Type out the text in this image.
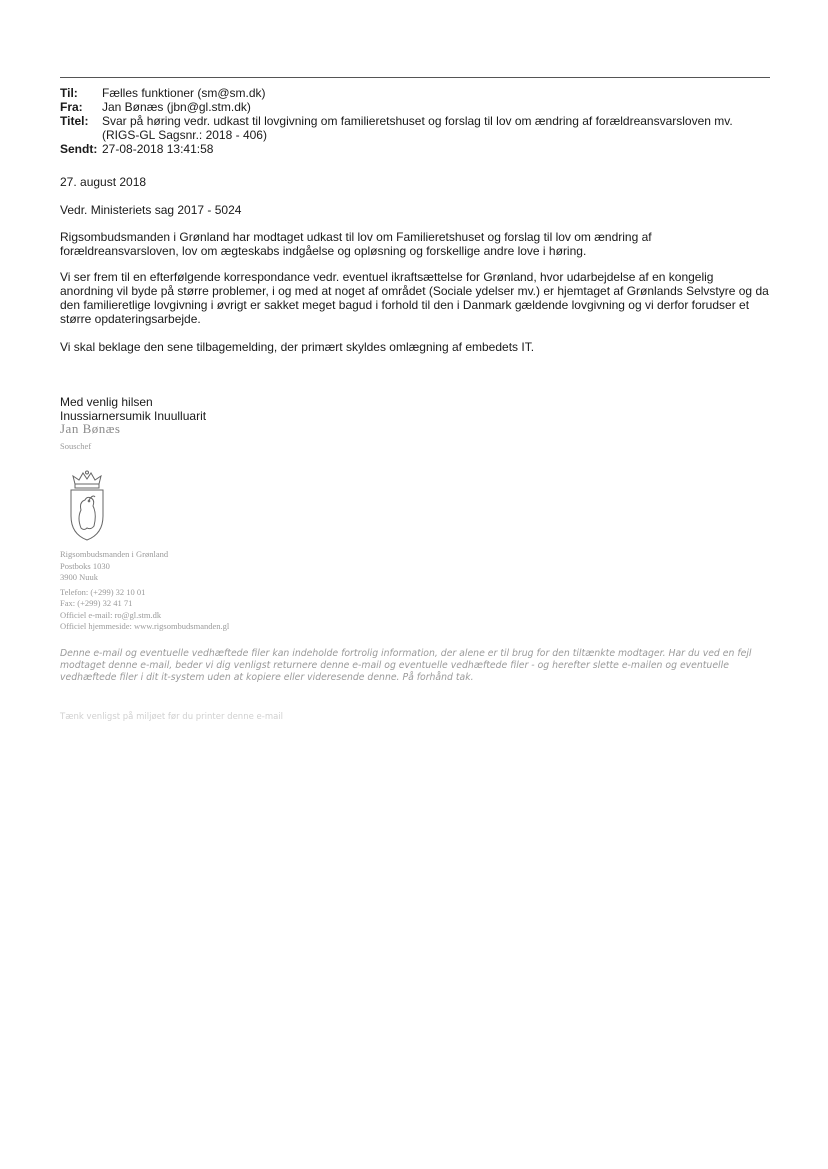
Til:	Fælles funktioner (sm@sm.dk)
Fra:	Jan Bønæs (jbn@gl.stm.dk)
Titel:	Svar på høring vedr. udkast til lovgivning om familieretshuset og forslag til lov om ændring af forældreansvarsloven mv. (RIGS-GL Sagsnr.: 2018 - 406)
Sendt: 27-08-2018 13:41:58

27. august 2018

Vedr. Ministeriets sag 2017 - 5024

Rigsombudsmanden i Grønland har modtaget udkast til lov om Familieretshuset og forslag til lov om ændring af forældreansvarsloven, lov om ægteskabs indgåelse og opløsning og forskellige andre love i høring.

Vi ser frem til en efterfølgende korrespondance vedr. eventuel ikraftsættelse for Grønland, hvor udarbejdelse af en kongelig anordning vil byde på større problemer, i og med at noget af området (Sociale ydelser mv.) er hjemtaget af Grønlands Selvstyre og da den familieretlige lovgivning i øvrigt er sakket meget bagud i forhold til den i Danmark gældende lovgivning og vi derfor forudser et større opdateringsarbejde.

Vi skal beklage den sene tilbagemelding, der primært skyldes omlægning af embedets IT.

Med venlig hilsen

Inussiarnersumik Inuulluarit

Jan Bønæs
Souschef
Rigsombudsmanden i Grønland
Postboks 1030
3900 Nuuk
Telefon: (+299) 32 10 01
Fax: (+299) 32 41 71
Officiel e-mail: ro@gl.stm.dk
Officiel hjemmeside: www.rigsombudsmanden.gl

Denne e-mail og eventuelle vedhæftede filer kan indeholde fortrolig information, der alene er til brug for den tiltænkte modtager. Har du ved en fejl modtaget denne e-mail, beder vi dig venligst returnere denne e-mail og eventuelle vedhæftede filer - og herefter slette e-mailen og eventuelle vedhæftede filer i dit it-system uden at kopiere eller videresende denne. På forhånd tak.

Tænk venligst på miljøet før du printer denne e-mail
